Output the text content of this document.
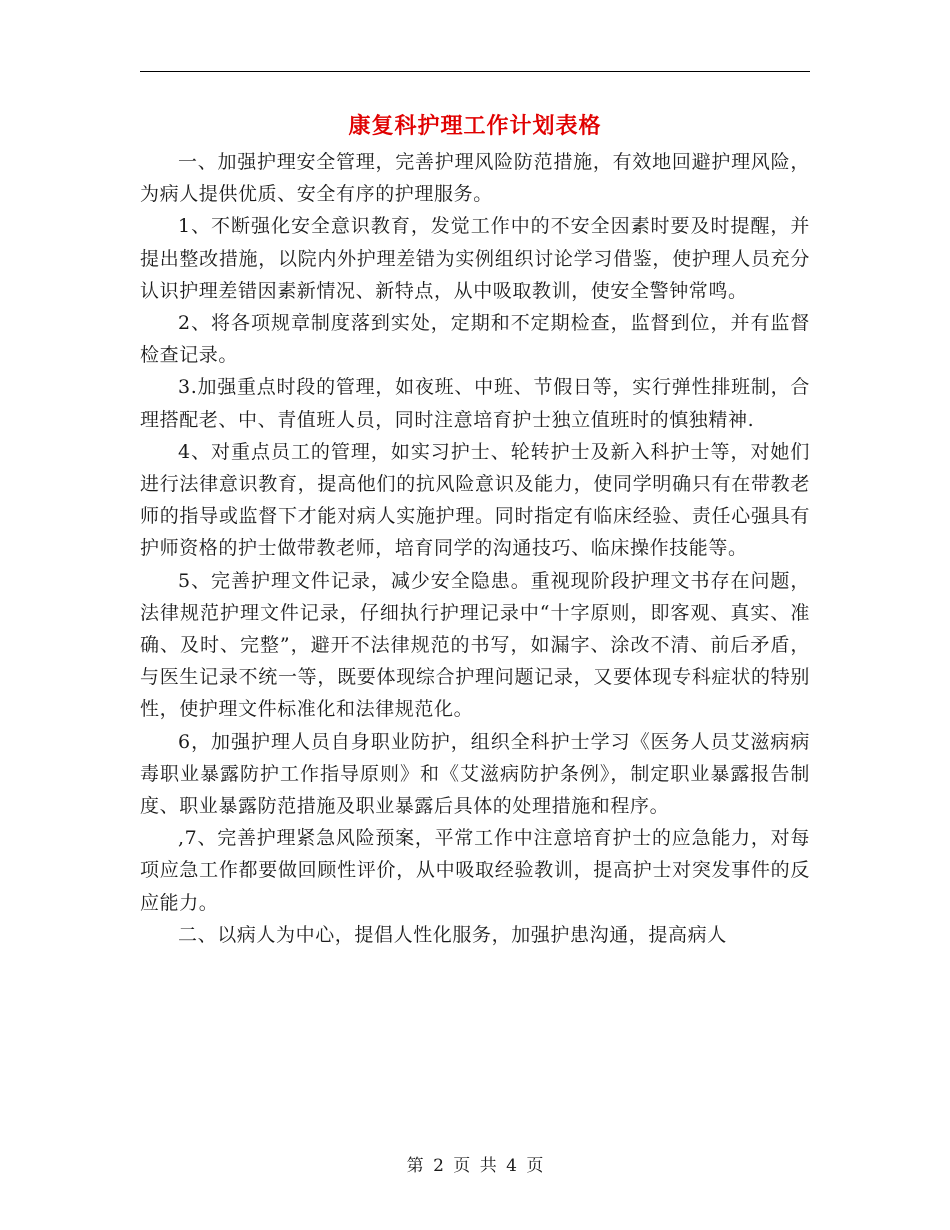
康复科护理工作计划表格

一、加强护理安全管理，完善护理风险防范措施，有效地回避护理风险，为病人提供优质、安全有序的护理服务。

1、不断强化安全意识教育，发觉工作中的不安全因素时要及时提醒，并提出整改措施，以院内外护理差错为实例组织讨论学习借鉴，使护理人员充分认识护理差错因素新情况、新特点，从中吸取教训，使安全警钟常鸣。

2、将各项规章制度落到实处，定期和不定期检查，监督到位，并有监督检查记录。

3.加强重点时段的管理，如夜班、中班、节假日等，实行弹性排班制，合理搭配老、中、青值班人员，同时注意培育护士独立值班时的慎独精神.

4、对重点员工的管理，如实习护士、轮转护士及新入科护士等，对她们进行法律意识教育，提高他们的抗风险意识及能力，使同学明确只有在带教老师的指导或监督下才能对病人实施护理。同时指定有临床经验、责任心强具有护师资格的护士做带教老师，培育同学的沟通技巧、临床操作技能等。

5、完善护理文件记录，减少安全隐患。重视现阶段护理文书存在问题，法律规范护理文件记录，仔细执行护理记录中“十字原则，即客观、真实、准确、及时、完整”，避开不法律规范的书写，如漏字、涂改不清、前后矛盾，与医生记录不统一等，既要体现综合护理问题记录，又要体现专科症状的特别性，使护理文件标准化和法律规范化。

6，加强护理人员自身职业防护，组织全科护士学习《医务人员艾滋病病毒职业暴露防护工作指导原则》和《艾滋病防护条例》，制定职业暴露报告制度、职业暴露防范措施及职业暴露后具体的处理措施和程序。

,7、完善护理紧急风险预案，平常工作中注意培育护士的应急能力，对每项应急工作都要做回顾性评价，从中吸取经验教训，提高护士对突发事件的反应能力。

二、以病人为中心，提倡人性化服务，加强护患沟通，提高病人

第 2 页 共 4 页
